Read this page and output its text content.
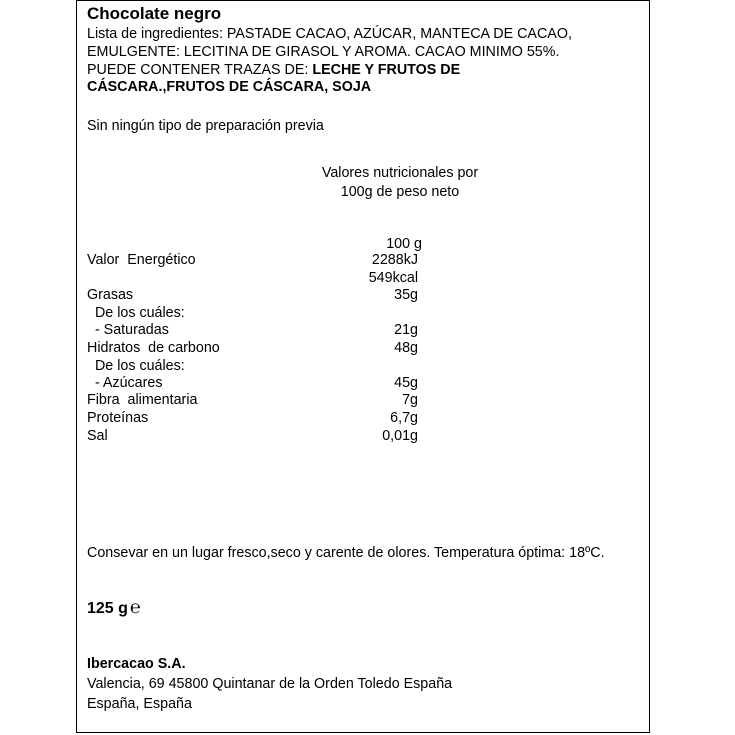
Chocolate negro
Lista de ingredientes: PASTADE CACAO, AZÚCAR, MANTECA DE CACAO,
EMULGENTE: LECITINA DE GIRASOL Y AROMA. CACAO MINIMO 55%.
PUEDE CONTENER TRAZAS DE: LECHE Y FRUTOS DE
CÁSCARA.,FRUTOS DE CÁSCARA, SOJA
Sin ningún tipo de preparación previa
Valores nutricionales por
100g de peso neto
100 g
Valor  Energético	2288kJ
549kcal
Grasas	35g
De los cuáles:
- Saturadas	21g
Hidratos  de carbono	48g
De los cuáles:
- Azúcares	45g
Fibra  alimentaria	7g
Proteínas	6,7g
Sal	0,01g
Consevar en un lugar fresco,seco y carente de olores. Temperatura óptima: 18ºC.
125 g ℮
Ibercacao S.A.
Valencia, 69 45800 Quintanar de la Orden Toledo España
España, España
